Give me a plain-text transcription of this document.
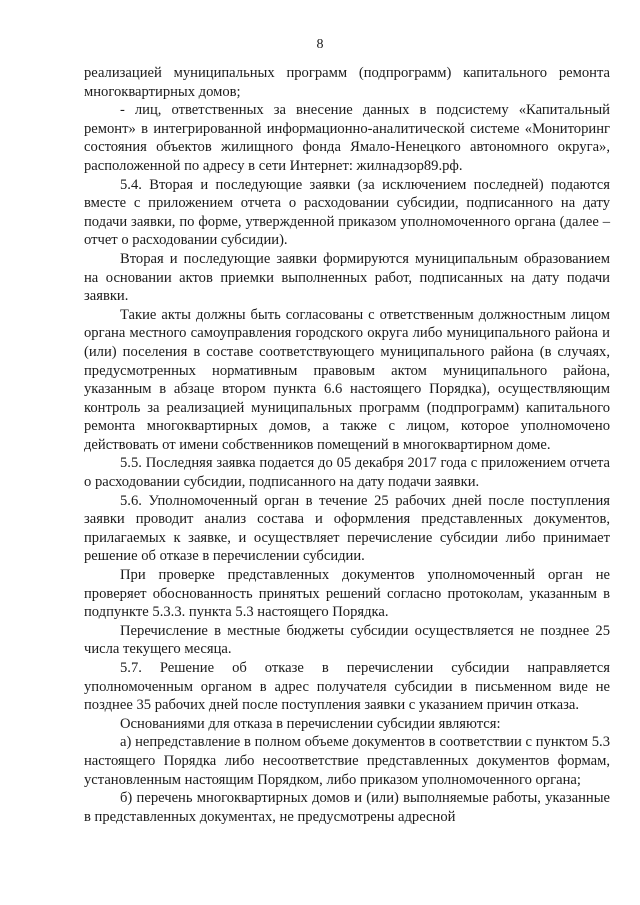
8

реализацией муниципальных программ (подпрограмм) капитального ремонта многоквартирных домов;

- лиц, ответственных за внесение данных в подсистему «Капитальный ремонт» в интегрированной информационно-аналитической системе «Мониторинг состояния объектов жилищного фонда Ямало-Ненецкого автономного округа», расположенной по адресу в сети Интернет: жилнадзор89.рф.

5.4. Вторая и последующие заявки (за исключением последней) подаются вместе с приложением отчета о расходовании субсидии, подписанного на дату подачи заявки, по форме, утвержденной приказом уполномоченного органа (далее – отчет о расходовании субсидии).

Вторая и последующие заявки формируются муниципальным образованием на основании актов приемки выполненных работ, подписанных на дату подачи заявки.

Такие акты должны быть согласованы с ответственным должностным лицом органа местного самоуправления городского округа либо муниципального района и (или) поселения в составе соответствующего муниципального района (в случаях, предусмотренных нормативным правовым актом муниципального района, указанным в абзаце втором пункта 6.6 настоящего Порядка), осуществляющим контроль за реализацией муниципальных программ (подпрограмм) капитального ремонта многоквартирных домов, а также с лицом, которое уполномочено действовать от имени собственников помещений в многоквартирном доме.

5.5. Последняя заявка подается до 05 декабря 2017 года с приложением отчета о расходовании субсидии, подписанного на дату подачи заявки.

5.6. Уполномоченный орган в течение 25 рабочих дней после поступления заявки проводит анализ состава и оформления представленных документов, прилагаемых к заявке, и осуществляет перечисление субсидии либо принимает решение об отказе в перечислении субсидии.

При проверке представленных документов уполномоченный орган не проверяет обоснованность принятых решений согласно протоколам, указанным в подпункте 5.3.3. пункта 5.3 настоящего Порядка.

Перечисление в местные бюджеты субсидии осуществляется не позднее 25 числа текущего месяца.

5.7. Решение об отказе в перечислении субсидии направляется уполномоченным органом в адрес получателя субсидии в письменном виде не позднее 35 рабочих дней после поступления заявки с указанием причин отказа.

Основаниями для отказа в перечислении субсидии являются:

а) непредставление в полном объеме документов в соответствии с пунктом 5.3 настоящего Порядка либо несоответствие представленных документов формам, установленным настоящим Порядком, либо приказом уполномоченного органа;

б) перечень многоквартирных домов и (или) выполняемые работы, указанные в представленных документах, не предусмотрены адресной
